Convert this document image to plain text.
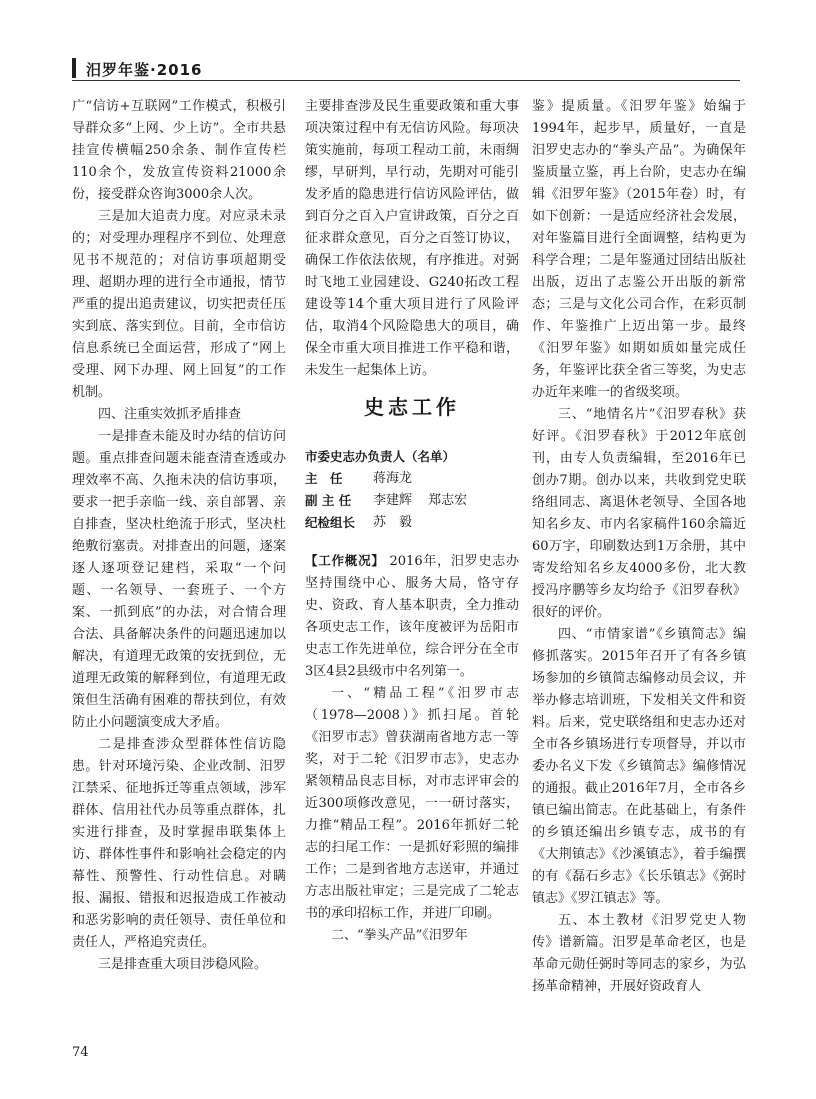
汨罗年鉴·2016

广“信访+互联网”工作模式，积极引导群众多“上网、少上访”。全市共悬挂宣传横幅250余条、制作宣传栏110余个，发放宣传资料21000余份，接受群众咨询3000余人次。

三是加大追责力度。对应录未录的；对受理办理程序不到位、处理意见书不规范的；对信访事项超期受理、超期办理的进行全市通报，情节严重的提出追责建议，切实把责任压实到底、落实到位。目前，全市信访信息系统已全面运营，形成了“网上受理、网下办理、网上回复”的工作机制。

四、注重实效抓矛盾排查

一是排查未能及时办结的信访问题。重点排查问题未能查清查透或办理效率不高、久拖未决的信访事项，要求一把手亲临一线、亲自部署、亲自排查，坚决杜绝流于形式，坚决杜绝敷衍塞责。对排查出的问题，逐案逐人逐项登记建档，采取“一个问题、一名领导、一套班子、一个方案、一抓到底”的办法，对合情合理合法、具备解决条件的问题迅速加以解决，有道理无政策的安抚到位，无道理无政策的解释到位，有道理无政策但生活确有困难的帮扶到位，有效防止小问题演变成大矛盾。

二是排查涉众型群体性信访隐患。针对环境污染、企业改制、汨罗江禁采、征地拆迁等重点领域，涉军群体、信用社代办员等重点群体，扎实进行排查，及时掌握串联集体上访、群体性事件和影响社会稳定的内幕性、预警性、行动性信息。对瞒报、漏报、错报和迟报造成工作被动和恶劣影响的责任领导、责任单位和责任人，严格追究责任。

三是排查重大项目涉稳风险。

主要排查涉及民生重要政策和重大事项决策过程中有无信访风险。每项决策实施前，每项工程动工前，未雨绸缪，早研判，早行动，先期对可能引发矛盾的隐患进行信访风险评估，做到百分之百入户宣讲政策，百分之百征求群众意见，百分之百签订协议，确保工作依法依规，有序推进。对弼时飞地工业园建设、G240拓改工程建设等14个重大项目进行了风险评估，取消4个风险隐患大的项目，确保全市重大项目推进工作平稳和谐，未发生一起集体上访。

史志工作
市委史志办负责人（名单）
主　任	蒋海龙
副 主 任	李建辉 郑志宏
纪检组长	苏　毅

【工作概况】 2016年，汨罗史志办坚持围绕中心、服务大局，恪守存史、资政、育人基本职责，全力推动各项史志工作，该年度被评为岳阳市史志工作先进单位，综合评分在全市3区4县2县级市中名列第一。

一、“精品工程”《汨罗市志（1978—2008）》抓扫尾。首轮《汨罗市志》曾获湖南省地方志一等奖，对于二轮《汨罗市志》，史志办紧领精品良志目标，对市志评审会的近300项修改意见，一一研讨落实，力推“精品工程”。2016年抓好二轮志的扫尾工作：一是抓好彩照的编排工作；二是到省地方志送审，并通过方志出版社审定；三是完成了二轮志书的承印招标工作，并进厂印刷。

二、“拳头产品”《汨罗年

鉴》提质量。《汨罗年鉴》始编于1994年，起步早，质量好，一直是汨罗史志办的“拳头产品”。为确保年鉴质量立鉴，再上台阶，史志办在编辑《汨罗年鉴》（2015年卷）时，有如下创新：一是适应经济社会发展，对年鉴篇目进行全面调整，结构更为科学合理；二是年鉴通过団结出版社出版，迈出了志鉴公开出版的新常态；三是与文化公司合作，在彩页制作、年鉴推广上迈出第一步。最终《汨罗年鉴》如期如质如量完成任务，年鉴评比获全省三等奖，为史志办近年来唯一的省级奖项。

三、“地情名片”《汨罗春秋》获好评。《汨罗春秋》于2012年底创刊，由专人负责编辑，至2016年已创办7期。创办以来，共收到党史联络组同志、离退休老领导、全国各地知名乡友、市内名家稿件160余篇近60万字，印刷数达到1万余册，其中寄发给知名乡友4000多份，北大教授冯序鹏等乡友均给予《汨罗春秋》很好的评价。

四、“市情家谱”《乡镇简志》编修抓落实。2015年召开了有各乡镇场参加的乡镇简志编修动员会议，并举办修志培训班，下发相关文件和资料。后来，党史联络组和史志办还对全市各乡镇场进行专项督导，并以市委办名义下发《乡镇简志》编修情况的通报。截止2016年7月，全市各乡镇已编出简志。在此基础上，有条件的乡镇还编出乡镇专志，成书的有《大荆镇志》《沙溪镇志》，着手编撰的有《磊石乡志》《长乐镇志》《弼时镇志》《罗江镇志》等。

五、本土教材《汨罗党史人物传》谱新篇。汨罗是革命老区，也是革命元勋任弼时等同志的家乡，为弘扬革命精神，开展好资政育人

74
